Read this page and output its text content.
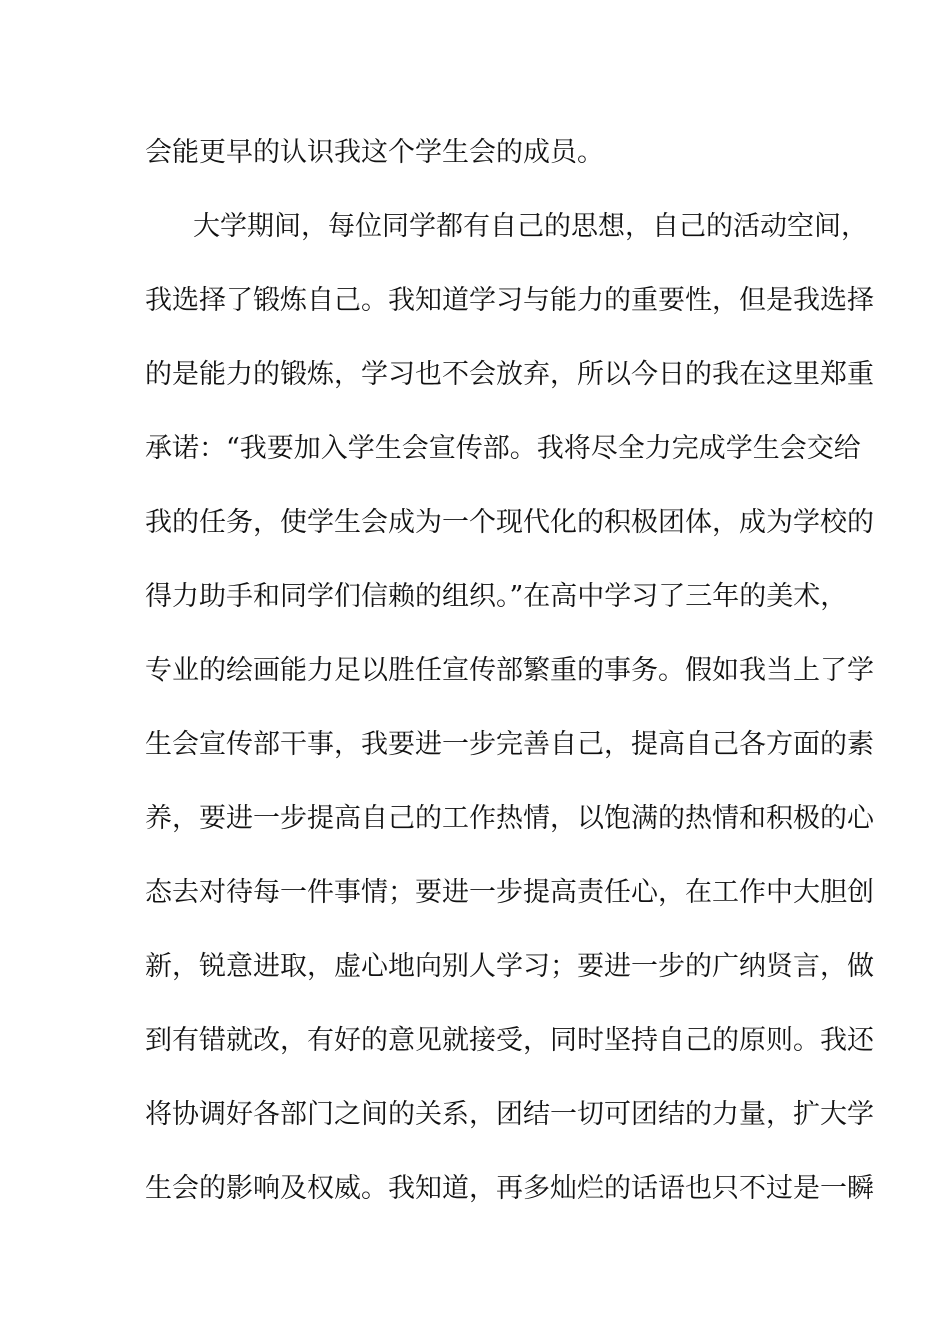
会能更早的认识我这个学生会的成员。
大学期间，每位同学都有自己的思想，自己的活动空间，
我选择了锻炼自己。我知道学习与能力的重要性，但是我选择
的是能力的锻炼，学习也不会放弃，所以今日的我在这里郑重
承诺：“我要加入学生会宣传部。我将尽全力完成学生会交给
我的任务，使学生会成为一个现代化的积极团体，成为学校的
得力助手和同学们信赖的组织。”在高中学习了三年的美术，
专业的绘画能力足以胜任宣传部繁重的事务。假如我当上了学
生会宣传部干事，我要进一步完善自己，提高自己各方面的素
养，要进一步提高自己的工作热情，以饱满的热情和积极的心
态去对待每一件事情；要进一步提高责任心，在工作中大胆创
新，锐意进取，虚心地向别人学习；要进一步的广纳贤言，做
到有错就改，有好的意见就接受，同时坚持自己的原则。我还
将协调好各部门之间的关系，团结一切可团结的力量，扩大学
生会的影响及权威。我知道，再多灿烂的话语也只不过是一瞬
